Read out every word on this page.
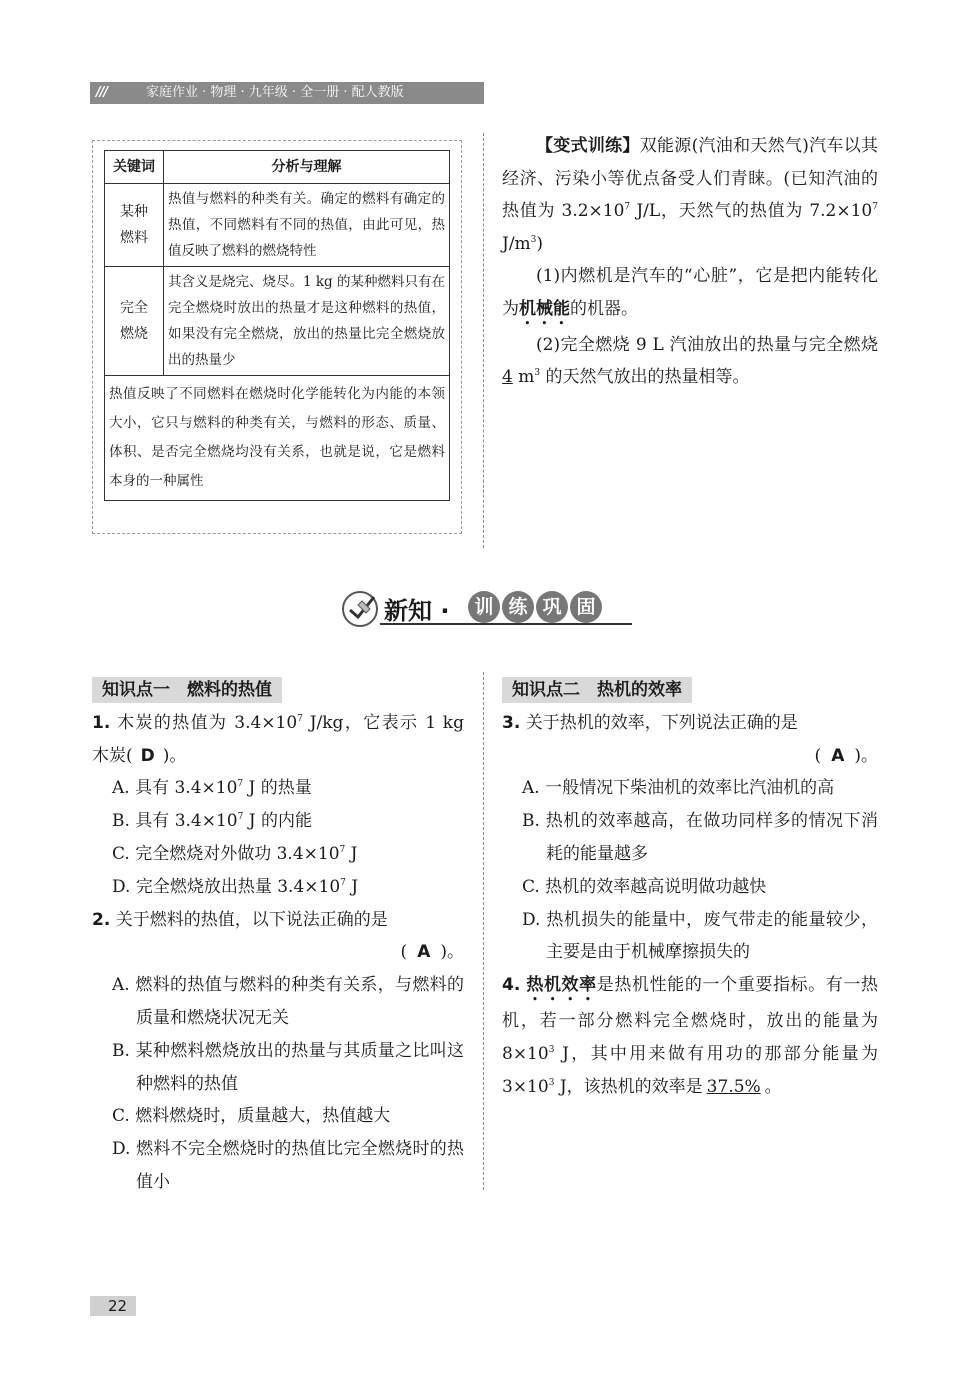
///	家庭作业 · 物理 · 九年级 · 全一册 · 配人教版
关键词	分析与理解

某种
燃料	热值与燃料的种类有关。确定的燃料有确定的热值，不同燃料有不同的热值，由此可见，热值反映了燃料的燃烧特性

完全
燃烧	其含义是烧完、烧尽。1 kg 的某种燃料只有在完全燃烧时放出的热量才是这种燃料的热值，如果没有完全燃烧，放出的热量比完全燃烧放出的热量少
热值反映了不同燃料在燃烧时化学能转化为内能的本领大小，它只与燃料的种类有关，与燃料的形态、质量、体积、是否完全燃烧均没有关系，也就是说，它是燃料本身的一种属性	

【变式训练】双能源(汽油和天然气)汽车以其经济、污染小等优点备受人们青睐。(已知汽油的热值为 $3.2\times 10^7$ J/L，天然气的热值为 $7.2\times 10^7$ $J/m^3$)

(1)内燃机是汽车的“心脏”，它是把内能转化为机械能的机器。

(2)完全燃烧 9 L 汽油放出的热量与完全燃烧4 $m^3$ 的天然气放出的热量相等。

新知 ·	训 练 巩 固
知识点一　燃料的热值

1. 木炭的热值为 $3.4\times 10^7$ J/kg，它表示 1 kg 木炭( D )。

A. 具有 $3.4\times 10^7$ J 的热量

B. 具有 $3.4\times 10^7$ J 的内能

C. 完全燃烧对外做功 $3.4\times 10^7$ J

D. 完全燃烧放出热量 $3.4\times 10^7$ J

2. 关于燃料的热值，以下说法正确的是

( A )。

A. 燃料的热值与燃料的种类有关系，与燃料的质量和燃烧状况无关

B. 某种燃料燃烧放出的热量与其质量之比叫这种燃料的热值

C. 燃料燃烧时，质量越大，热值越大

D. 燃料不完全燃烧时的热值比完全燃烧时的热值小

知识点二　热机的效率

3. 关于热机的效率，下列说法正确的是

( A )。

A. 一般情况下柴油机的效率比汽油机的高

B. 热机的效率越高，在做功同样多的情况下消耗的能量越多

C. 热机的效率越高说明做功越快

D. 热机损失的能量中，废气带走的能量较少，主要是由于机械摩擦损失的

4. 热机效率是热机性能的一个重要指标。有一热机，若一部分燃料完全燃烧时，放出的能量为$8\times 10^3$ J，其中用来做有用功的那部分能量为 $3\times 10^3$ J，该热机的效率是 37.5% 。

22
